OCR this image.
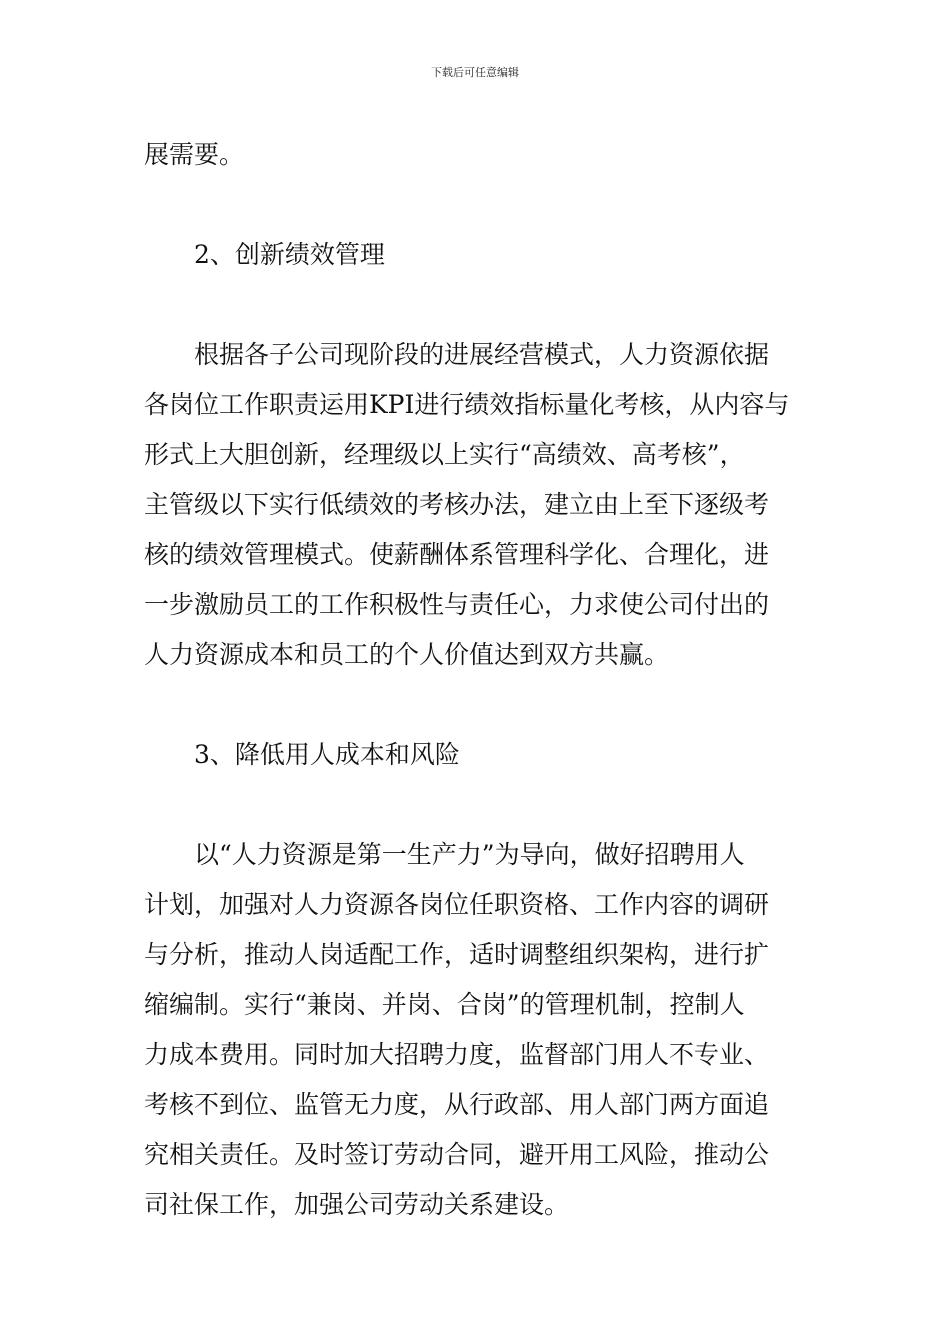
下载后可任意编辑
展需要。
2、创新绩效管理
根据各子公司现阶段的进展经营模式，人力资源依据
各岗位工作职责运用KPI进行绩效指标量化考核，从内容与
形式上大胆创新，经理级以上实行“高绩效、高考核”，
主管级以下实行低绩效的考核办法，建立由上至下逐级考
核的绩效管理模式。使薪酬体系管理科学化、合理化，进
一步激励员工的工作积极性与责任心，力求使公司付出的
人力资源成本和员工的个人价值达到双方共赢。
3、降低用人成本和风险
以“人力资源是第一生产力”为导向，做好招聘用人
计划，加强对人力资源各岗位任职资格、工作内容的调研
与分析，推动人岗适配工作，适时调整组织架构，进行扩
缩编制。实行“兼岗、并岗、合岗”的管理机制，控制人
力成本费用。同时加大招聘力度，监督部门用人不专业、
考核不到位、监管无力度，从行政部、用人部门两方面追
究相关责任。及时签订劳动合同，避开用工风险，推动公
司社保工作，加强公司劳动关系建设。
